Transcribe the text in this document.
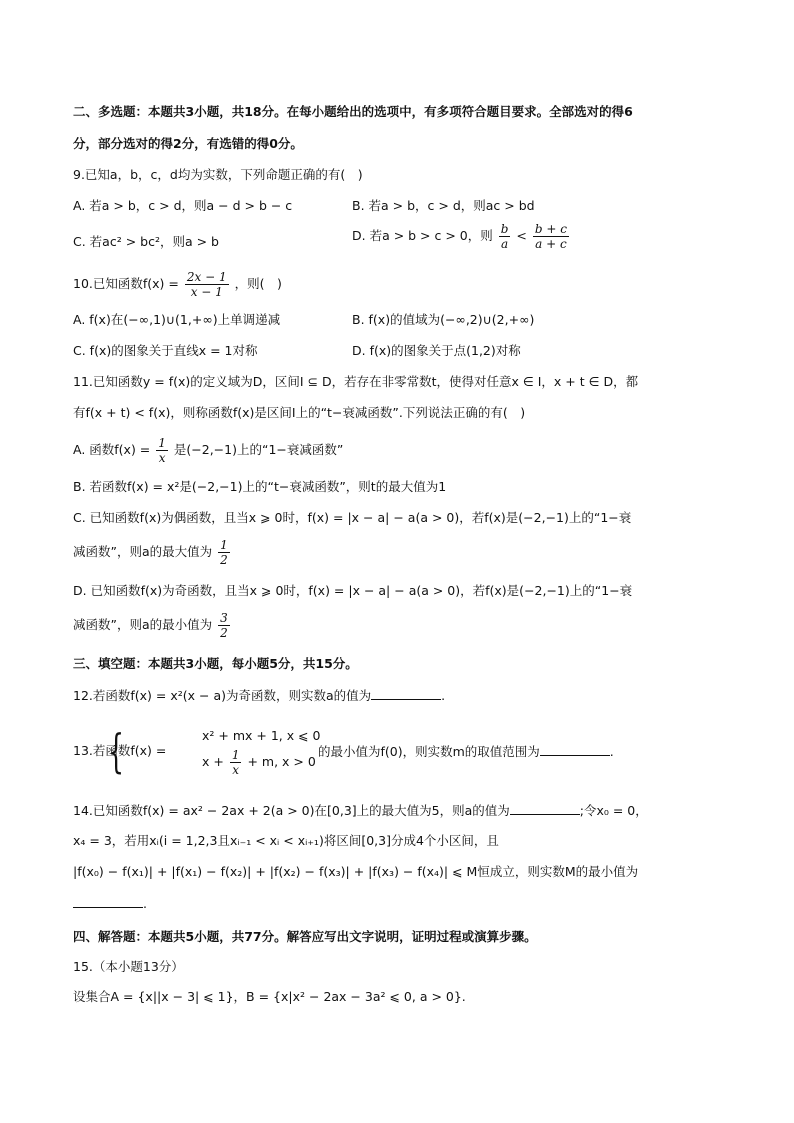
二、多选题：本题共3小题，共18分。在每小题给出的选项中，有多项符合题目要求。全部选对的得6
分，部分选对的得2分，有选错的得0分。
9.已知a，b，c，d均为实数，下列命题正确的有(　)
A. 若a > b，c > d，则a − d > b − c	B. 若a > b，c > d，则ac > bd
C. 若ac² > bc²，则a > b	D. 若a > b > c > 0，则 $\frac{b}{a} < \frac{b + c}{a + c}$
10.已知函数$f(x) = \frac{2x - 1}{x - 1}$ ，则(　)
A. f(x)在(−∞,1)∪(1,+∞)上单调递减	B. f(x)的值域为(−∞,2)∪(2,+∞)
C. f(x)的图象关于直线x = 1对称	D. f(x)的图象关于点(1,2)对称
11.已知函数y = f(x)的定义域为D，区间I ⊆ D，若存在非零常数t，使得对任意x ∈ I，x + t ∈ D，都
有f(x + t) < f(x)，则称函数f(x)是区间I上的“t−衰减函数”.下列说法正确的有(　)
A. 函数$f(x) = \frac{1}{x}$ 是(−2,−1)上的“1−衰减函数”
B. 若函数f(x) = x²是(−2,−1)上的“t−衰减函数”，则t的最大值为1
C. 已知函数f(x)为偶函数，且当x ⩾ 0时，f(x) = |x − a| − a(a > 0)，若f(x)是(−2,−1)上的“1−衰
减函数”，则a的最大值为 $\frac{1}{2}$
D. 已知函数f(x)为奇函数，且当x ⩾ 0时，f(x) = |x − a| − a(a > 0)，若f(x)是(−2,−1)上的“1−衰
减函数”，则a的最小值为 $\frac{3}{2}$
三、填空题：本题共3小题，每小题5分，共15分。
12.若函数f(x) = x²(x − a)为奇函数，则实数a的值为	.
13.若函数f(x) =
{	x² + mx + 1, x ⩽ 0
$x + \frac{1}{x} + m$, x > 0
的最小值为f(0)，则实数m的取值范围为	.
14.已知函数f(x) = ax² − 2ax + 2(a > 0)在[0,3]上的最大值为5，则a的值为	;令x₀ = 0，
x₄ = 3，若用xᵢ(i = 1,2,3且xᵢ₋₁ < xᵢ < xᵢ₊₁)将区间[0,3]分成4个小区间，且
|f(x₀) − f(x₁)| + |f(x₁) − f(x₂)| + |f(x₂) − f(x₃)| + |f(x₃) − f(x₄)| ⩽ M恒成立，则实数M的最小值为
.
四、解答题：本题共5小题，共77分。解答应写出文字说明，证明过程或演算步骤。
15.（本小题13分）
设集合A = {x||x − 3| ⩽ 1}，B = {x|x² − 2ax − 3a² ⩽ 0, a > 0}.
